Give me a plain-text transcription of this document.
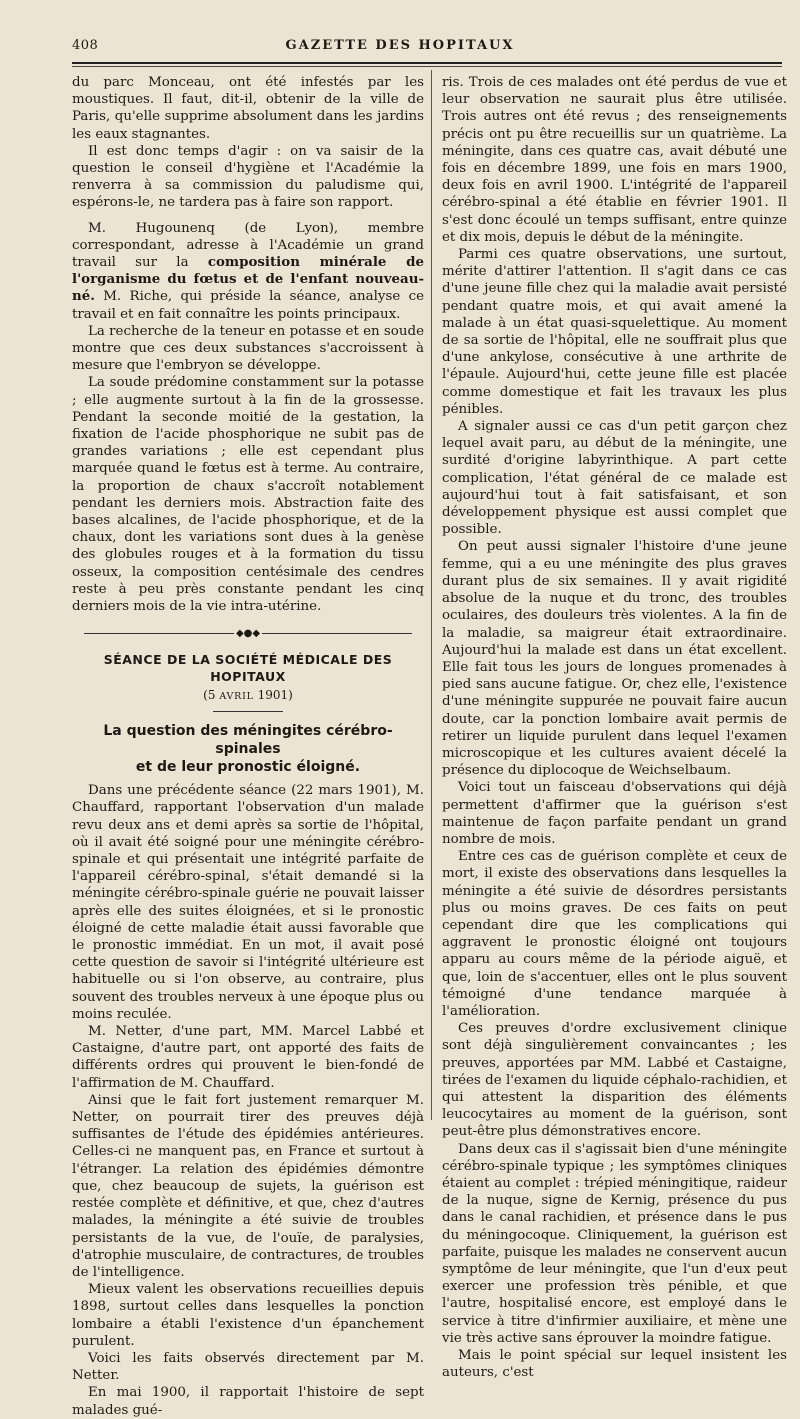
408	GAZETTE DES HOPITAUX

du parc Monceau, ont été infestés par les moustiques. Il faut, dit-il, obtenir de la ville de Paris, qu'elle supprime absolument dans les jardins les eaux stagnantes.

Il est donc temps d'agir : on va saisir de la question le conseil d'hygiène et l'Académie la renverra à sa commission du paludisme qui, espérons-le, ne tardera pas à faire son rapport.

M. Hugounenq (de Lyon), membre correspondant, adresse à l'Académie un grand travail sur la composition minérale de l'organisme du fœtus et de l'enfant nouveau-né. M. Riche, qui préside la séance, analyse ce travail et en fait connaître les points principaux.

La recherche de la teneur en potasse et en soude montre que ces deux substances s'accroissent à mesure que l'embryon se développe.

La soude prédomine constamment sur la potasse ; elle augmente surtout à la fin de la grossesse. Pendant la seconde moitié de la gestation, la fixation de l'acide phosphorique ne subit pas de grandes variations ; elle est cependant plus marquée quand le fœtus est à terme. Au contraire, la proportion de chaux s'accroît notablement pendant les derniers mois. Abstraction faite des bases alcalines, de l'acide phosphorique, et de la chaux, dont les variations sont dues à la genèse des globules rouges et à la formation du tissu osseux, la composition centésimale des cendres reste à peu près constante pendant les cinq derniers mois de la vie intra-utérine.

◆●◆
SÉANCE DE LA SOCIÉTÉ MÉDICALE DES HOPITAUX
(5 AVRIL 1901)
La question des méningites cérébro-spinales
et de leur pronostic éloigné.

Dans une précédente séance (22 mars 1901), M. Chauffard, rapportant l'observation d'un malade revu deux ans et demi après sa sortie de l'hôpital, où il avait été soigné pour une méningite cérébro-spinale et qui présentait une intégrité parfaite de l'appareil cérébro-spinal, s'était demandé si la méningite cérébro-spinale guérie ne pouvait laisser après elle des suites éloignées, et si le pronostic éloigné de cette maladie était aussi favorable que le pronostic immédiat. En un mot, il avait posé cette question de savoir si l'intégrité ultérieure est habituelle ou si l'on observe, au contraire, plus souvent des troubles nerveux à une époque plus ou moins reculée.

M. Netter, d'une part, MM. Marcel Labbé et Castaigne, d'autre part, ont apporté des faits de différents ordres qui prouvent le bien-fondé de l'affirmation de M. Chauffard.

Ainsi que le fait fort justement remarquer M. Netter, on pourrait tirer des preuves déjà suffisantes de l'étude des épidémies antérieures. Celles-ci ne manquent pas, en France et surtout à l'étranger. La relation des épidémies démontre que, chez beaucoup de sujets, la guérison est restée complète et définitive, et que, chez d'autres malades, la méningite a été suivie de troubles persistants de la vue, de l'ouïe, de paralysies, d'atrophie musculaire, de contractures, de troubles de l'intelligence.

Mieux valent les observations recueillies depuis 1898, surtout celles dans lesquelles la ponction lombaire a établi l'existence d'un épanchement purulent.

Voici les faits observés directement par M. Netter.

En mai 1900, il rapportait l'histoire de sept malades gué-

ris. Trois de ces malades ont été perdus de vue et leur observation ne saurait plus être utilisée. Trois autres ont été revus ; des renseignements précis ont pu être recueillis sur un quatrième. La méningite, dans ces quatre cas, avait débuté une fois en décembre 1899, une fois en mars 1900, deux fois en avril 1900. L'intégrité de l'appareil cérébro-spinal a été établie en février 1901. Il s'est donc écoulé un temps suffisant, entre quinze et dix mois, depuis le début de la méningite.

Parmi ces quatre observations, une surtout, mérite d'attirer l'attention. Il s'agit dans ce cas d'une jeune fille chez qui la maladie avait persisté pendant quatre mois, et qui avait amené la malade à un état quasi-squelettique. Au moment de sa sortie de l'hôpital, elle ne souffrait plus que d'une ankylose, consécutive à une arthrite de l'épaule. Aujourd'hui, cette jeune fille est placée comme domestique et fait les travaux les plus pénibles.

A signaler aussi ce cas d'un petit garçon chez lequel avait paru, au début de la méningite, une surdité d'origine labyrinthique. A part cette complication, l'état général de ce malade est aujourd'hui tout à fait satisfaisant, et son développement physique est aussi complet que possible.

On peut aussi signaler l'histoire d'une jeune femme, qui a eu une méningite des plus graves durant plus de six semaines. Il y avait rigidité absolue de la nuque et du tronc, des troubles oculaires, des douleurs très violentes. A la fin de la maladie, sa maigreur était extraordinaire. Aujourd'hui la malade est dans un état excellent. Elle fait tous les jours de longues promenades à pied sans aucune fatigue. Or, chez elle, l'existence d'une méningite suppurée ne pouvait faire aucun doute, car la ponction lombaire avait permis de retirer un liquide purulent dans lequel l'examen microscopique et les cultures avaient décelé la présence du diplocoque de Weichselbaum.

Voici tout un faisceau d'observations qui déjà permettent d'affirmer que la guérison s'est maintenue de façon parfaite pendant un grand nombre de mois.

Entre ces cas de guérison complète et ceux de mort, il existe des observations dans lesquelles la méningite a été suivie de désordres persistants plus ou moins graves. De ces faits on peut cependant dire que les complications qui aggravent le pronostic éloigné ont toujours apparu au cours même de la période aiguë, et que, loin de s'accentuer, elles ont le plus souvent témoigné d'une tendance marquée à l'amélioration.

Ces preuves d'ordre exclusivement clinique sont déjà singulièrement convaincantes ; les preuves, apportées par MM. Labbé et Castaigne, tirées de l'examen du liquide céphalo-rachidien, et qui attestent la disparition des éléments leucocytaires au moment de la guérison, sont peut-être plus démonstratives encore.

Dans deux cas il s'agissait bien d'une méningite cérébro-spinale typique ; les symptômes cliniques étaient au complet : trépied méningitique, raideur de la nuque, signe de Kernig, présence du pus dans le canal rachidien, et présence dans le pus du méningocoque. Cliniquement, la guérison est parfaite, puisque les malades ne conservent aucun symptôme de leur méningite, que l'un d'eux peut exercer une profession très pénible, et que l'autre, hospitalisé encore, est employé dans le service à titre d'infirmier auxiliaire, et mène une vie très active sans éprouver la moindre fatigue.

Mais le point spécial sur lequel insistent les auteurs, c'est
